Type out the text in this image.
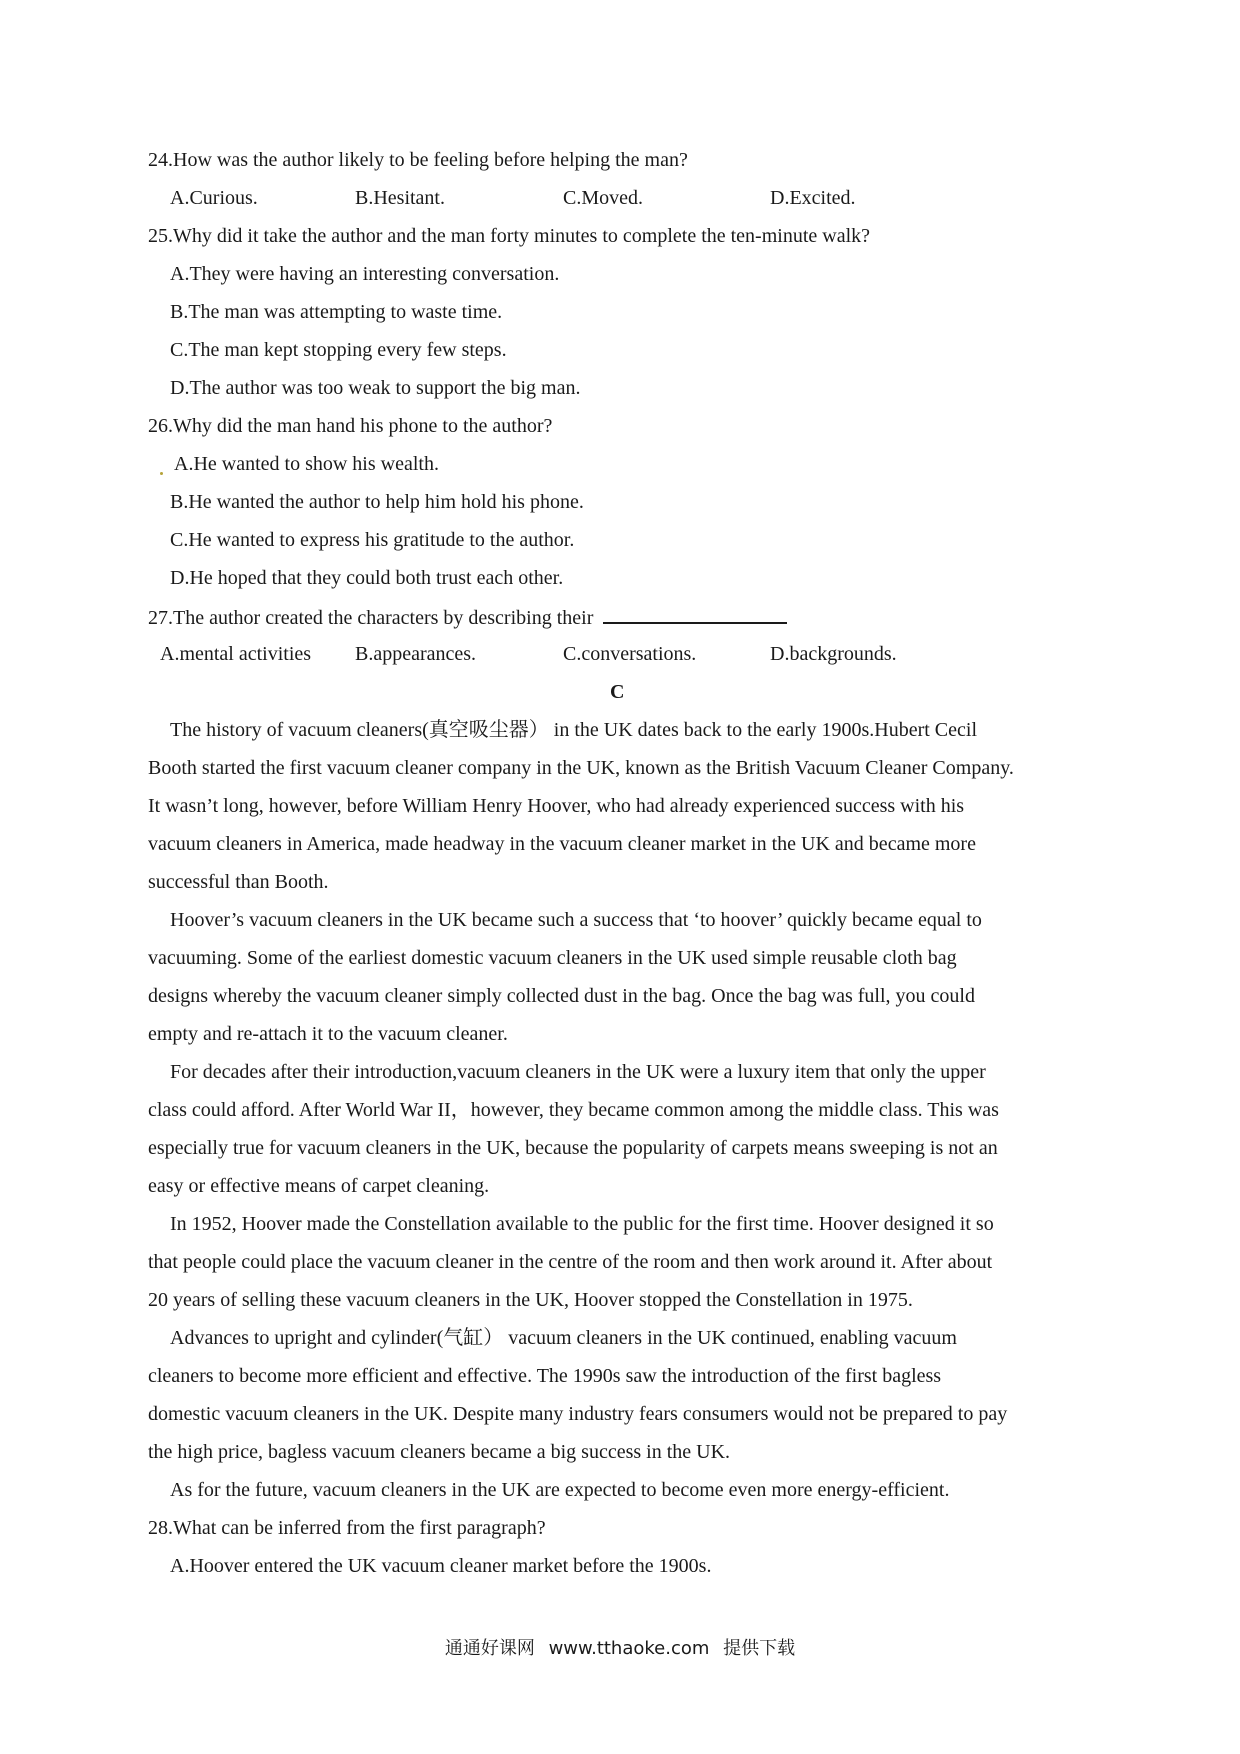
24.How was the author likely to be feeling before helping the man?
A.Curious.	B.Hesitant.	C.Moved.	D.Excited.
25.Why did it take the author and the man forty minutes to complete the ten-minute walk?
A.They were having an interesting conversation.
B.The man was attempting to waste time.
C.The man kept stopping every few steps.
D.The author was too weak to support the big man.
26.Why did the man hand his phone to the author?
A.He wanted to show his wealth.
B.He wanted the author to help him hold his phone.
C.He wanted to express his gratitude to the author.
D.He hoped that they could both trust each other.
27.The author created the characters by describing their
A.mental activities B.appearances.	C.conversations.	D.backgrounds.
C
The history of vacuum cleaners(真空吸尘器） in the UK dates back to the early 1900s.Hubert Cecil
Booth started the first vacuum cleaner company in the UK, known as the British Vacuum Cleaner Company.
It wasn’t long, however, before William Henry Hoover, who had already experienced success with his
vacuum cleaners in America, made headway in the vacuum cleaner market in the UK and became more
successful than Booth.
Hoover’s vacuum cleaners in the UK became such a success that ‘to hoover’ quickly became equal to
vacuuming. Some of the earliest domestic vacuum cleaners in the UK used simple reusable cloth bag
designs whereby the vacuum cleaner simply collected dust in the bag. Once the bag was full, you could
empty and re-attach it to the vacuum cleaner.
For decades after their introduction,vacuum cleaners in the UK were a luxury item that only the upper
class could afford. After World War II，however, they became common among the middle class. This was
especially true for vacuum cleaners in the UK, because the popularity of carpets means sweeping is not an
easy or effective means of carpet cleaning.
In 1952, Hoover made the Constellation available to the public for the first time. Hoover designed it so
that people could place the vacuum cleaner in the centre of the room and then work around it. After about
20 years of selling these vacuum cleaners in the UK, Hoover stopped the Constellation in 1975.
Advances to upright and cylinder(气缸） vacuum cleaners in the UK continued, enabling vacuum
cleaners to become more efficient and effective. The 1990s saw the introduction of the first bagless
domestic vacuum cleaners in the UK. Despite many industry fears consumers would not be prepared to pay
the high price, bagless vacuum cleaners became a big success in the UK.
As for the future, vacuum cleaners in the UK are expected to become even more energy-efficient.
28.What can be inferred from the first paragraph?
A.Hoover entered the UK vacuum cleaner market before the 1900s.
通通好课网 www.tthaoke.com 提供下载
